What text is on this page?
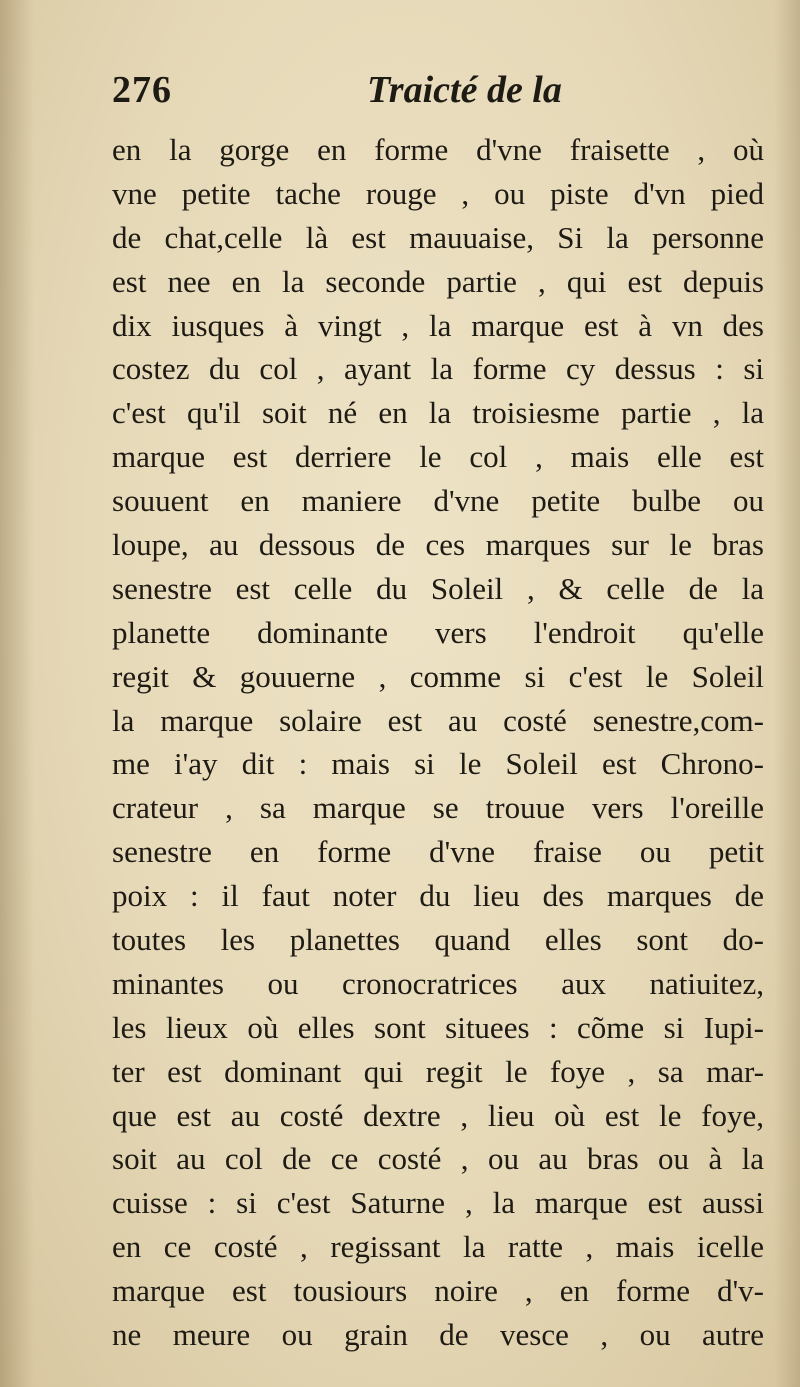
276	Traicté de la
en la gorge en forme d'vne fraisette , où
vne petite tache rouge , ou piste d'vn pied
de chat,celle là est mauuaise, Si la personne
est nee en la seconde partie , qui est depuis
dix iusques à vingt , la marque est à vn des
costez du col , ayant la forme cy dessus : si
c'est qu'il soit né en la troisiesme partie , la
marque est derriere le col , mais elle est
souuent en maniere d'vne petite bulbe ou
loupe, au dessous de ces marques sur le bras
senestre est celle du Soleil , & celle de la
planette dominante vers l'endroit qu'elle
regit & gouuerne , comme si c'est le Soleil
la marque solaire est au costé senestre,com-
me i'ay dit : mais si le Soleil est Chrono-
crateur , sa marque se trouue vers l'oreille
senestre en forme d'vne fraise ou petit
poix : il faut noter du lieu des marques de
toutes les planettes quand elles sont do-
minantes ou cronocratrices aux natiuitez,
les lieux où elles sont situees : cõme si Iupi-
ter est dominant qui regit le foye , sa mar-
que est au costé dextre , lieu où est le foye,
soit au col de ce costé , ou au bras ou à la
cuisse : si c'est Saturne , la marque est aussi
en ce costé , regissant la ratte , mais icelle
marque est tousiours noire , en forme d'v-
ne meure ou grain de vesce , ou autre
